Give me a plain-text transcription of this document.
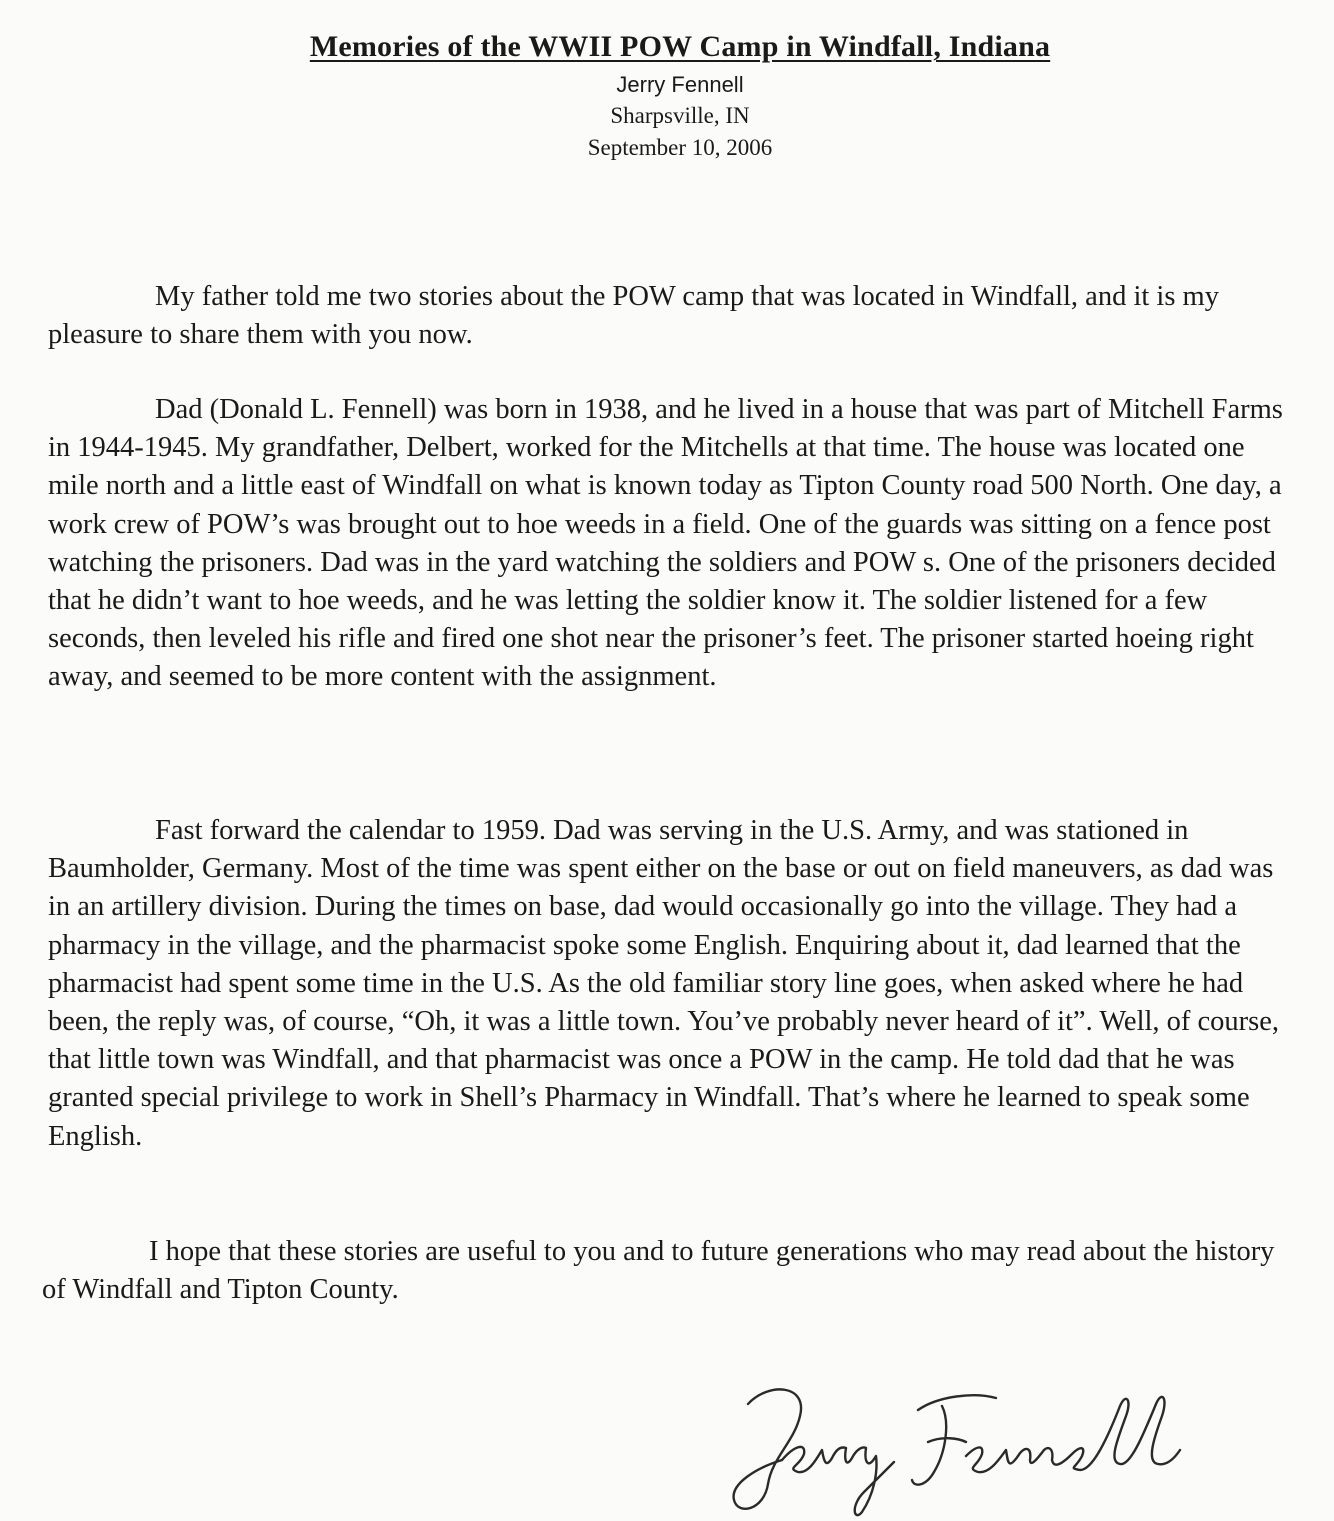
Memories of the WWII POW Camp in Windfall, Indiana
Jerry Fennell
Sharpsville, IN
September 10, 2006

My father told me two stories about the POW camp that was located in Windfall, and it is my pleasure to share them with you now.

Dad (Donald L. Fennell) was born in 1938, and he lived in a house that was part of Mitchell Farms in 1944-1945. My grandfather, Delbert, worked for the Mitchells at that time. The house was located one mile north and a little east of Windfall on what is known today as Tipton County road 500 North. One day, a work crew of POW’s was brought out to hoe weeds in a field. One of the guards was sitting on a fence post watching the prisoners. Dad was in the yard watching the soldiers and POW s. One of the prisoners decided that he didn’t want to hoe weeds, and he was letting the soldier know it. The soldier listened for a few seconds, then leveled his rifle and fired one shot near the prisoner’s feet. The prisoner started hoeing right away, and seemed to be more content with the assignment.

Fast forward the calendar to 1959. Dad was serving in the U.S. Army, and was stationed in Baumholder, Germany. Most of the time was spent either on the base or out on field maneuvers, as dad was in an artillery division. During the times on base, dad would occasionally go into the village. They had a pharmacy in the village, and the pharmacist spoke some English. Enquiring about it, dad learned that the pharmacist had spent some time in the U.S. As the old familiar story line goes, when asked where he had been, the reply was, of course, “Oh, it was a little town. You’ve probably never heard of it”. Well, of course, that little town was Windfall, and that pharmacist was once a POW in the camp. He told dad that he was granted special privilege to work in Shell’s Pharmacy in Windfall. That’s where he learned to speak some English.

I hope that these stories are useful to you and to future generations who may read about the history of Windfall and Tipton County.
